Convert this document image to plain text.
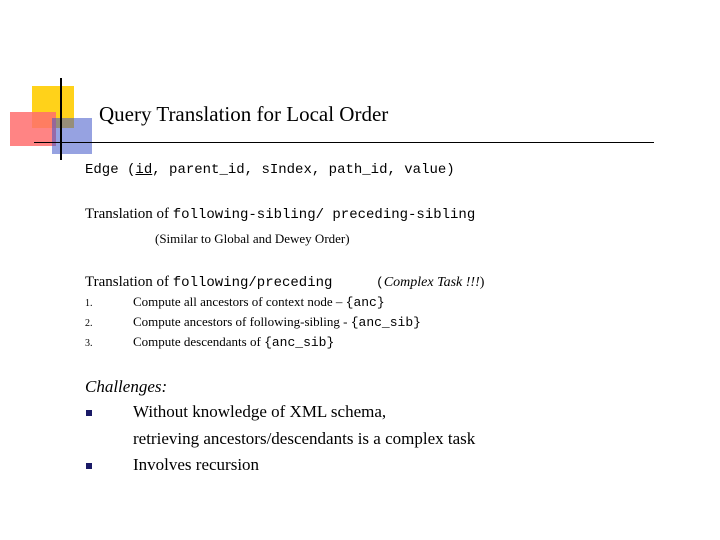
Query Translation for Local Order
Edge (id, parent_id, sIndex, path_id, value)
Translation of following-sibling/ preceding-sibling
(Similar to Global and Dewey Order)
Translation of following/preceding	(Complex Task !!!)
1.	Compute all ancestors of context node – {anc}
2.	Compute ancestors of following-sibling - {anc_sib}
3.	Compute descendants of {anc_sib}
Challenges:
Without knowledge of XML schema,
retrieving ancestors/descendants is a complex task
Involves recursion
